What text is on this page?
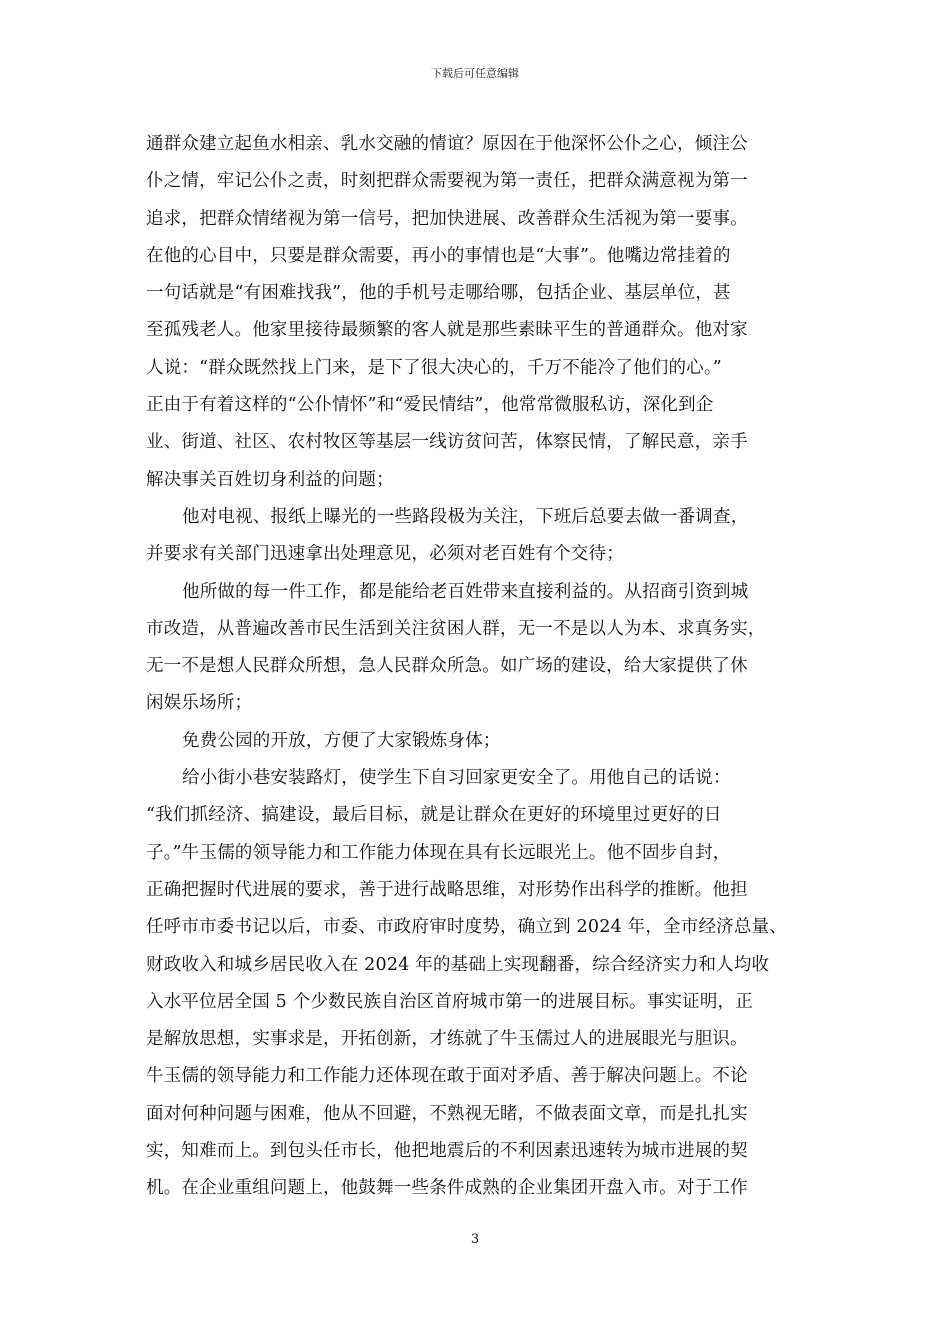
下载后可任意编辑
通群众建立起鱼水相亲、乳水交融的情谊？原因在于他深怀公仆之心，倾注公
仆之情，牢记公仆之责，时刻把群众需要视为第一责任，把群众满意视为第一
追求，把群众情绪视为第一信号，把加快进展、改善群众生活视为第一要事。
在他的心目中，只要是群众需要，再小的事情也是“大事”。他嘴边常挂着的
一句话就是“有困难找我”，他的手机号走哪给哪，包括企业、基层单位，甚
至孤残老人。他家里接待最频繁的客人就是那些素昧平生的普通群众。他对家
人说：“群众既然找上门来，是下了很大决心的，千万不能冷了他们的心。”
正由于有着这样的“公仆情怀”和“爱民情结”，他常常微服私访，深化到企
业、街道、社区、农村牧区等基层一线访贫问苦，体察民情，了解民意，亲手
解决事关百姓切身利益的问题；
他对电视、报纸上曝光的一些路段极为关注，下班后总要去做一番调查，
并要求有关部门迅速拿出处理意见，必须对老百姓有个交待；
他所做的每一件工作，都是能给老百姓带来直接利益的。从招商引资到城
市改造，从普遍改善市民生活到关注贫困人群，无一不是以人为本、求真务实，
无一不是想人民群众所想，急人民群众所急。如广场的建设，给大家提供了休
闲娱乐场所；
免费公园的开放，方便了大家锻炼身体；
给小街小巷安装路灯，使学生下自习回家更安全了。用他自己的话说：
“我们抓经济、搞建设，最后目标，就是让群众在更好的环境里过更好的日
子。”牛玉儒的领导能力和工作能力体现在具有长远眼光上。他不固步自封，
正确把握时代进展的要求，善于进行战略思维，对形势作出科学的推断。他担
任呼市市委书记以后，市委、市政府审时度势，确立到 2024 年，全市经济总量、
财政收入和城乡居民收入在 2024 年的基础上实现翻番，综合经济实力和人均收
入水平位居全国 5 个少数民族自治区首府城市第一的进展目标。事实证明，正
是解放思想，实事求是，开拓创新，才练就了牛玉儒过人的进展眼光与胆识。
牛玉儒的领导能力和工作能力还体现在敢于面对矛盾、善于解决问题上。不论
面对何种问题与困难，他从不回避，不熟视无睹，不做表面文章，而是扎扎实
实，知难而上。到包头任市长，他把地震后的不利因素迅速转为城市进展的契
机。在企业重组问题上，他鼓舞一些条件成熟的企业集团开盘入市。对于工作
3
